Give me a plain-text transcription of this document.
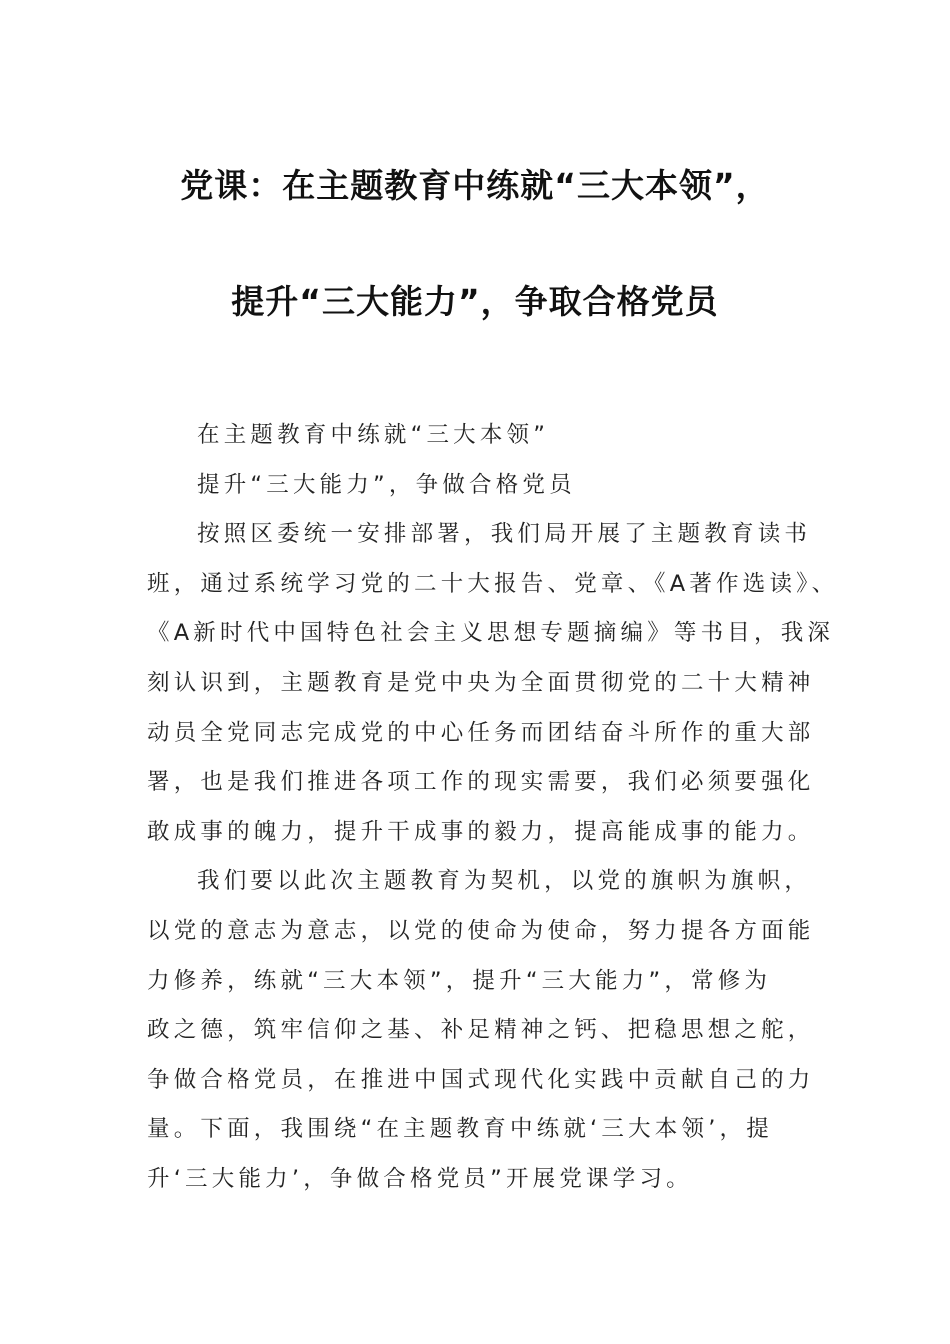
党课：在主题教育中练就“三大本领”，
提升“三大能力”，争取合格党员
在主题教育中练就“三大本领”
提升“三大能力”，争做合格党员
按照区委统一安排部署，我们局开展了主题教育读书
班，通过系统学习党的二十大报告、党章、《A著作选读》、
《A新时代中国特色社会主义思想专题摘编》等书目，我深
刻认识到，主题教育是党中央为全面贯彻党的二十大精神
动员全党同志完成党的中心任务而团结奋斗所作的重大部
署，也是我们推进各项工作的现实需要，我们必须要强化
敢成事的魄力，提升干成事的毅力，提高能成事的能力。
我们要以此次主题教育为契机，以党的旗帜为旗帜，
以党的意志为意志，以党的使命为使命，努力提各方面能
力修养，练就“三大本领”，提升“三大能力”，常修为
政之德，筑牢信仰之基、补足精神之钙、把稳思想之舵，
争做合格党员，在推进中国式现代化实践中贡献自己的力
量。下面，我围绕“在主题教育中练就‘三大本领’，提
升‘三大能力’，争做合格党员”开展党课学习。
